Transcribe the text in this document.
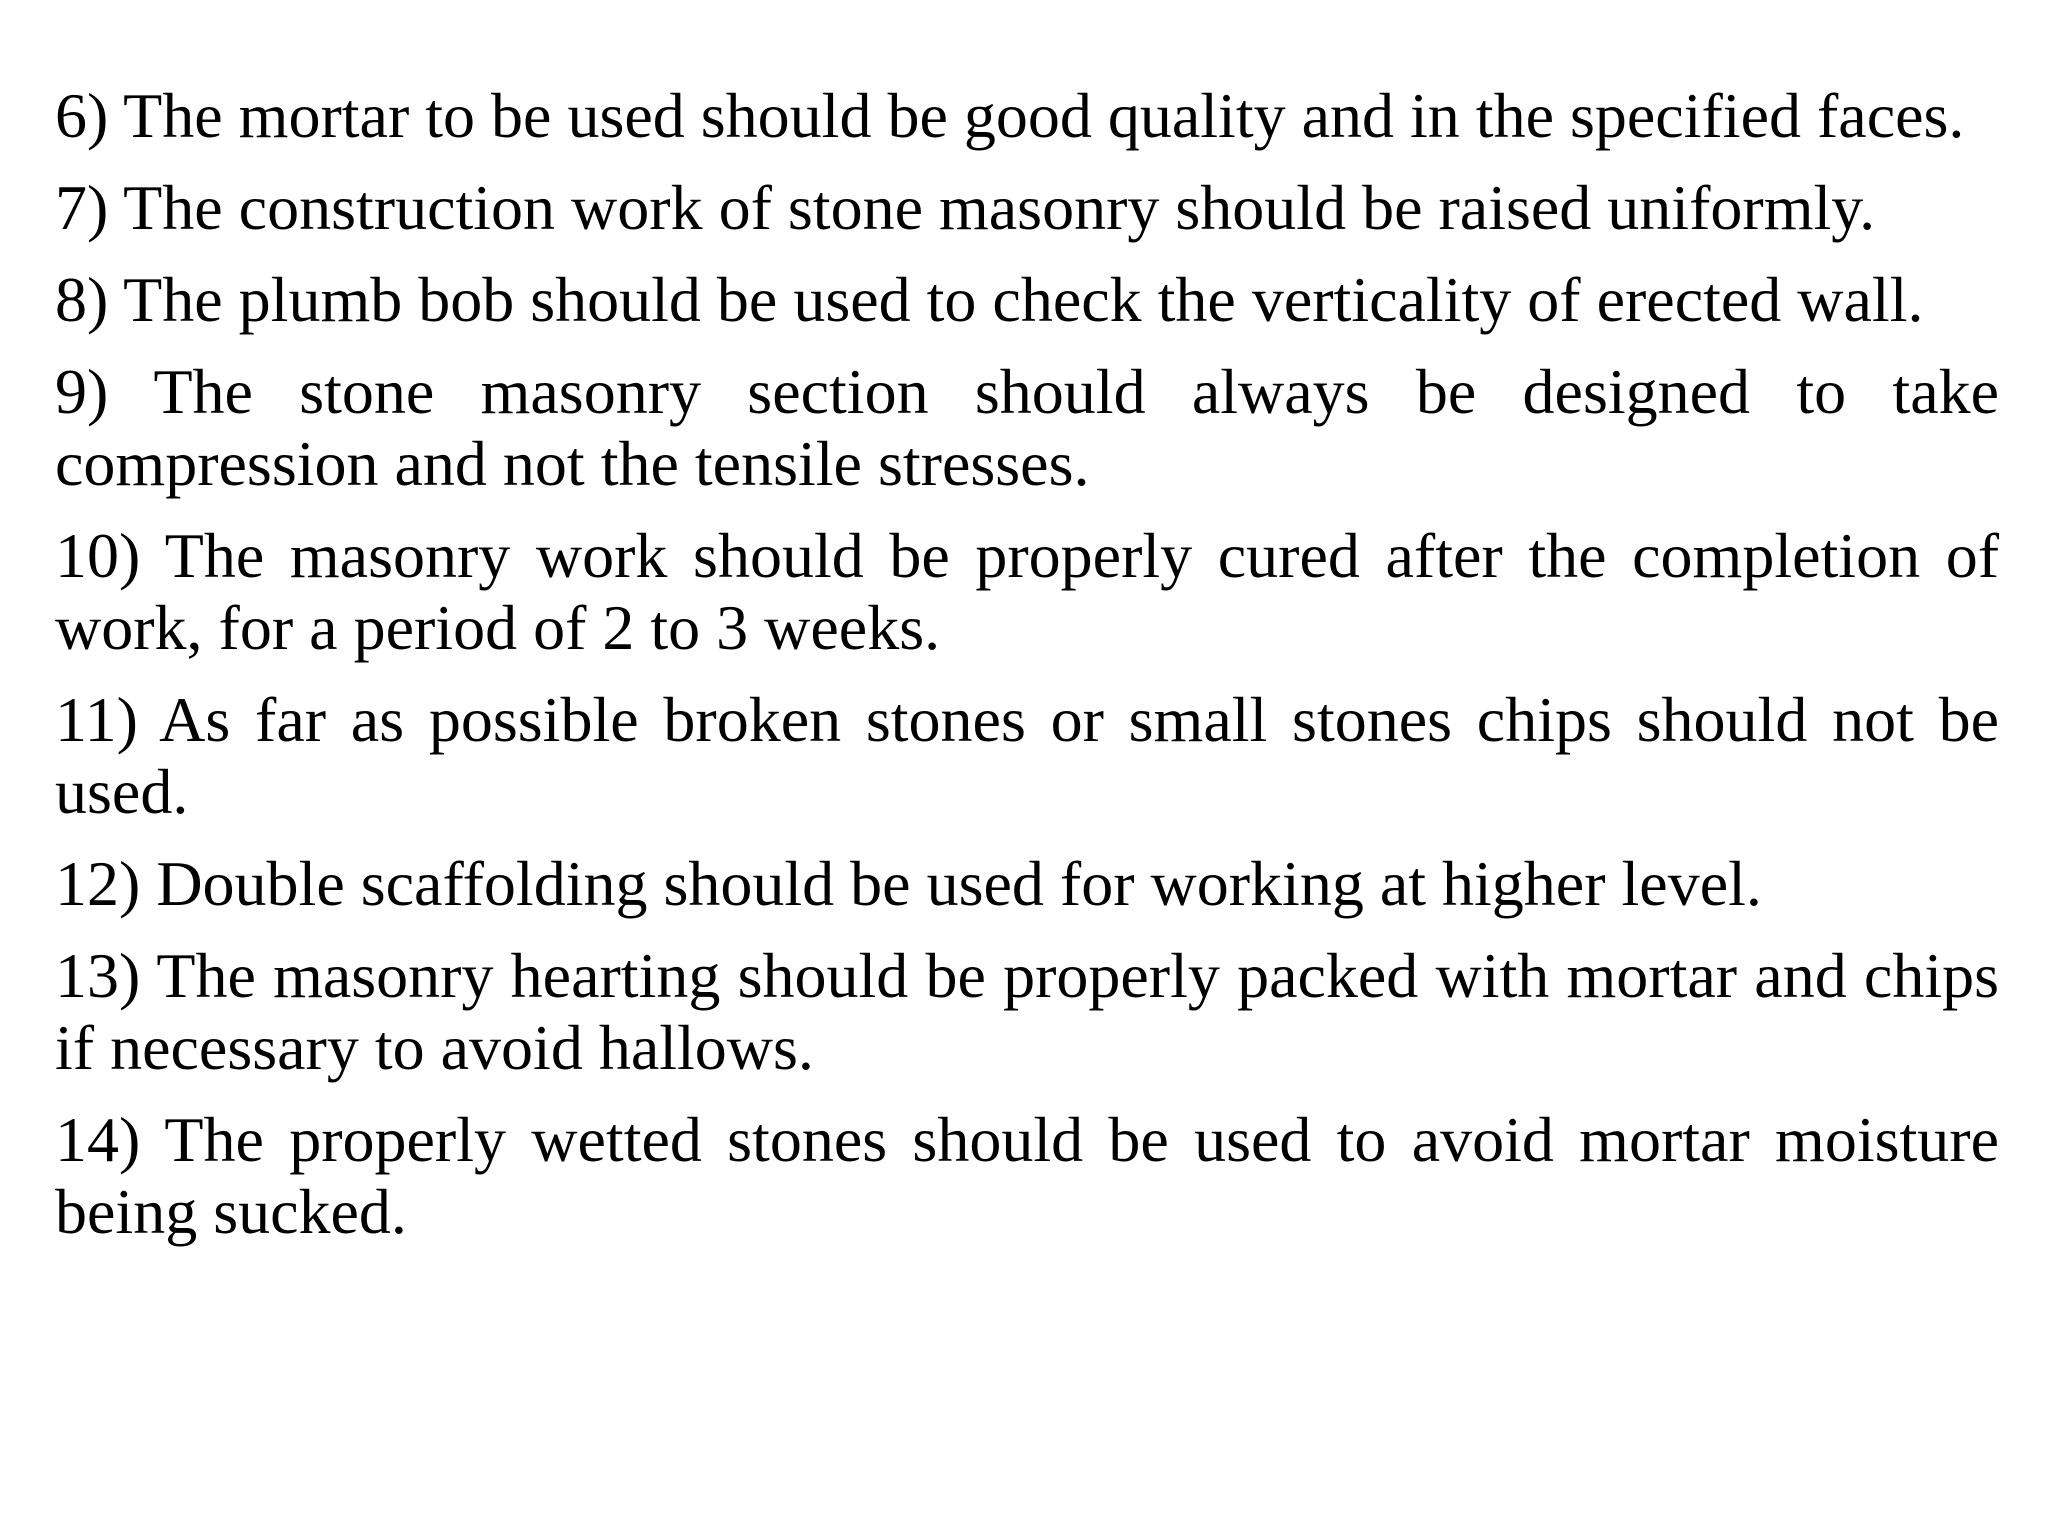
6) The mortar to be used should be good quality and in the specified faces.

7) The construction work of stone masonry should be raised uniformly.

8) The plumb bob should be used to check the verticality of erected wall.

9) The stone masonry section should always be designed to take compression and not the tensile stresses.

10) The masonry work should be properly cured after the completion of work, for a period of 2 to 3 weeks.

11) As far as possible broken stones or small stones chips should not be used.

12) Double scaffolding should be used for working at higher level.

13) The masonry hearting should be properly packed with mortar and chips if necessary to avoid hallows.

14) The properly wetted stones should be used to avoid mortar moisture being sucked.
